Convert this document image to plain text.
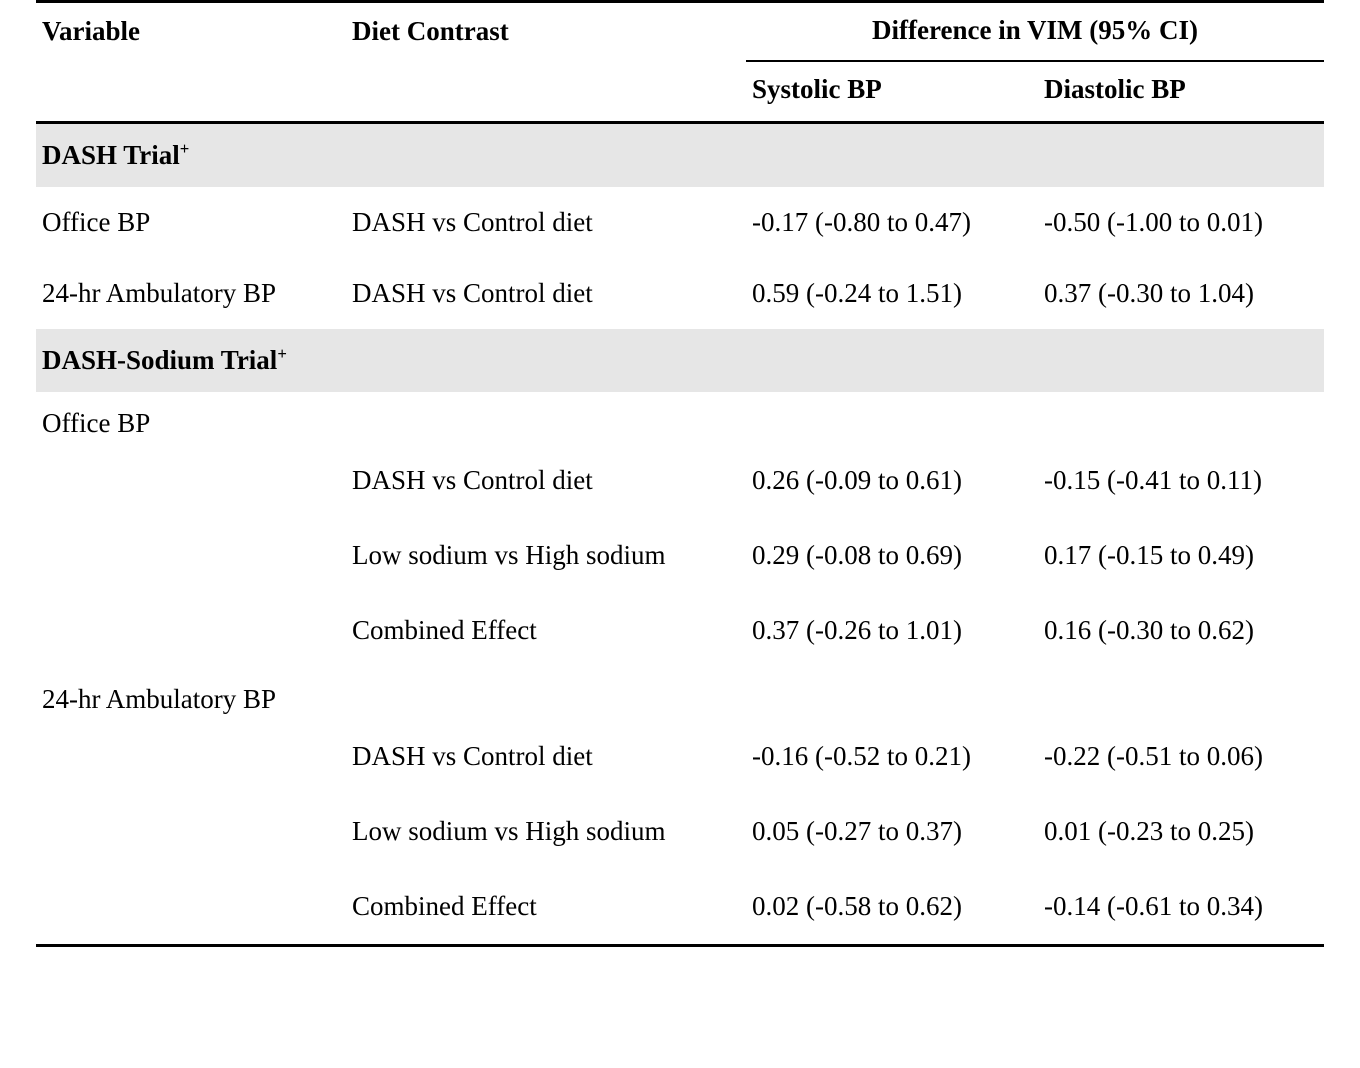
Variable	Diet Contrast	Difference in VIM (95% CI)	
		Systolic BP	Diastolic BP

DASH Trial+
Office BP	DASH vs Control diet	-0.17 (-0.80 to 0.47)	-0.50 (-1.00 to 0.01)
24-hr Ambulatory BP	DASH vs Control diet	0.59 (-0.24 to 1.51)	0.37 (-0.30 to 1.04)
DASH-Sodium Trial+
Office BP			
	DASH vs Control diet	0.26 (-0.09 to 0.61)	-0.15 (-0.41 to 0.11)
	Low sodium vs High sodium	0.29 (-0.08 to 0.69)	0.17 (-0.15 to 0.49)
	Combined Effect	0.37 (-0.26 to 1.01)	0.16 (-0.30 to 0.62)
24-hr Ambulatory BP			
	DASH vs Control diet	-0.16 (-0.52 to 0.21)	-0.22 (-0.51 to 0.06)
	Low sodium vs High sodium	0.05 (-0.27 to 0.37)	0.01 (-0.23 to 0.25)
	Combined Effect	0.02 (-0.58 to 0.62)	-0.14 (-0.61 to 0.34)
